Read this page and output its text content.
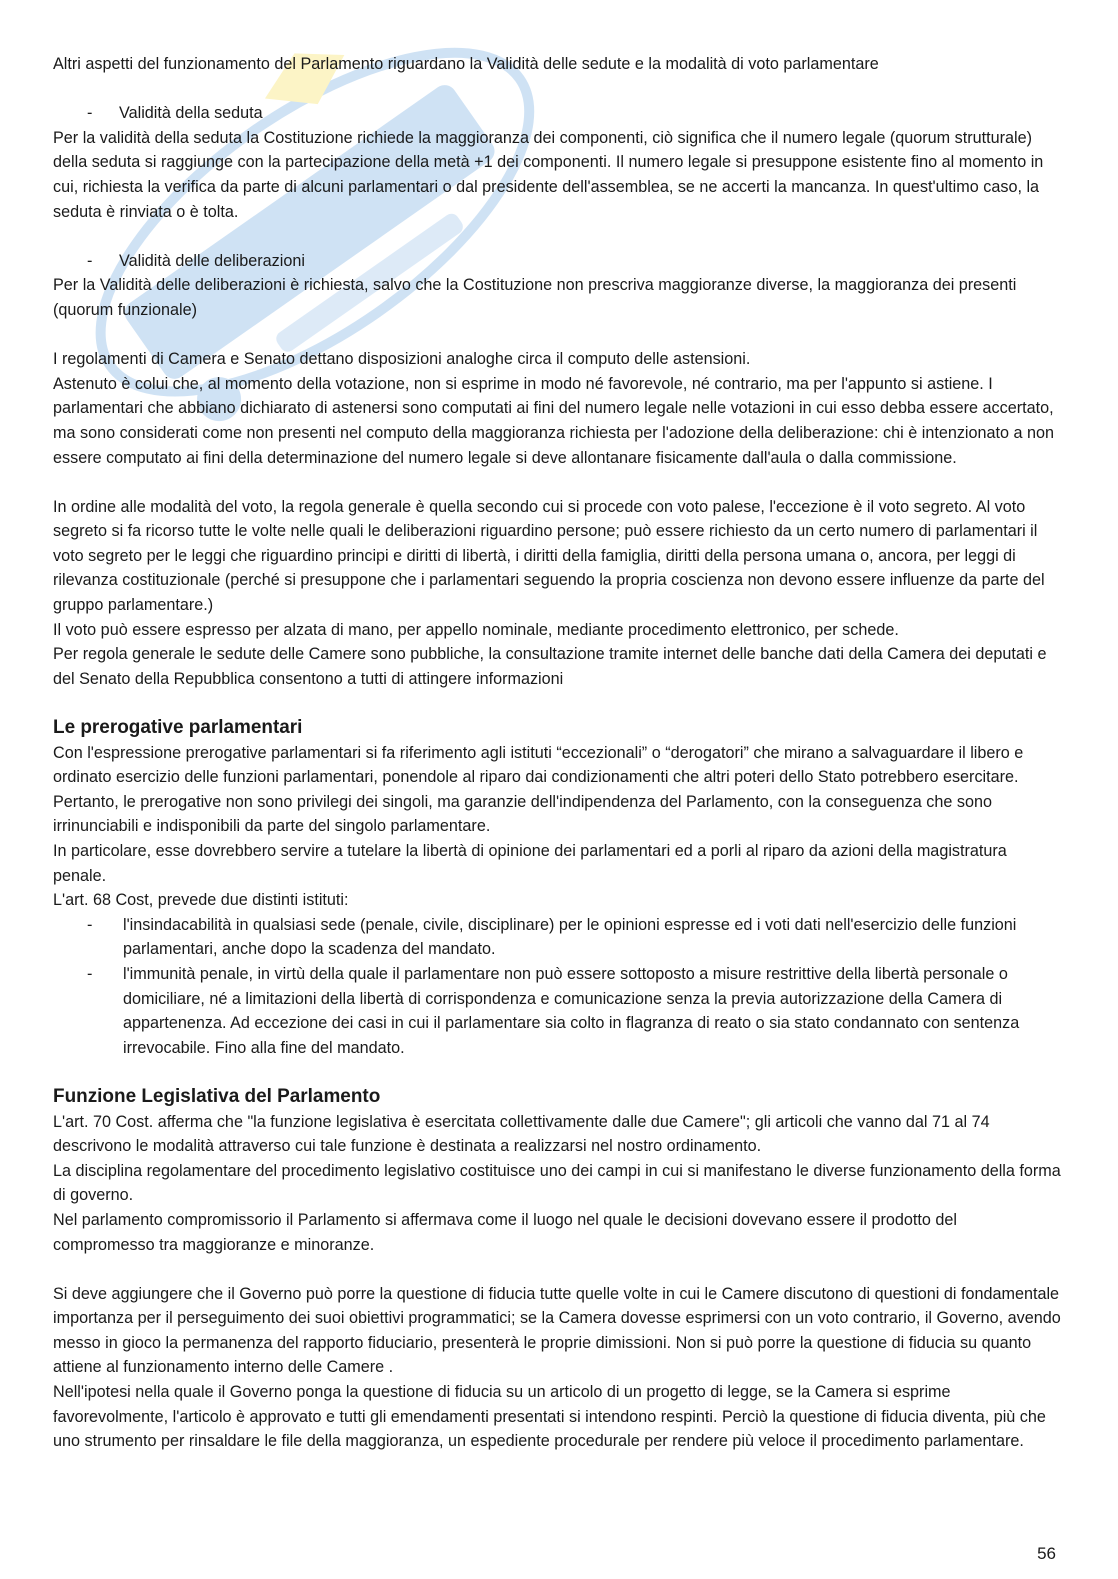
Altri aspetti del funzionamento del Parlamento riguardano la Validità delle sedute e la modalità di voto parlamentare

-	Validità della seduta

Per la validità della seduta la Costituzione richiede la maggioranza dei componenti, ciò significa che il numero legale (quorum strutturale) della seduta si raggiunge con la partecipazione della metà +1 dei componenti. Il numero legale si presuppone esistente fino al momento in cui, richiesta la verifica da parte di alcuni parlamentari o dal presidente dell'assemblea, se ne accerti la mancanza. In quest'ultimo caso, la seduta è rinviata o è tolta.

-	Validità delle deliberazioni

Per la Validità delle deliberazioni è richiesta, salvo che la Costituzione non prescriva maggioranze diverse, la maggioranza dei presenti (quorum funzionale)

I regolamenti di Camera e Senato dettano disposizioni analoghe circa il computo delle astensioni.

Astenuto è colui che, al momento della votazione, non si esprime in modo né favorevole, né contrario, ma per l'appunto si astiene. I parlamentari che abbiano dichiarato di astenersi sono computati ai fini del numero legale nelle votazioni in cui esso debba essere accertato, ma sono considerati come non presenti nel computo della maggioranza richiesta per l'adozione della deliberazione: chi è intenzionato a non essere computato ai fini della determinazione del numero legale si deve allontanare fisicamente dall'aula o dalla commissione.

In ordine alle modalità del voto, la regola generale è quella secondo cui si procede con voto palese, l'eccezione è il voto segreto. Al voto segreto si fa ricorso tutte le volte nelle quali le deliberazioni riguardino persone; può essere richiesto da un certo numero di parlamentari il voto segreto per le leggi che riguardino principi e diritti di libertà, i diritti della famiglia, diritti della persona umana o, ancora, per leggi di rilevanza costituzionale (perché si presuppone che i parlamentari seguendo la propria coscienza non devono essere influenze da parte del gruppo parlamentare.)

Il voto può essere espresso per alzata di mano, per appello nominale, mediante procedimento elettronico, per schede.

Per regola generale le sedute delle Camere sono pubbliche, la consultazione tramite internet delle banche dati della Camera dei deputati e del Senato della Repubblica consentono a tutti di attingere informazioni

Le prerogative parlamentari

Con l'espressione prerogative parlamentari si fa riferimento agli istituti “eccezionali” o “derogatori” che mirano a salvaguardare il libero e ordinato esercizio delle funzioni parlamentari, ponendole al riparo dai condizionamenti che altri poteri dello Stato potrebbero esercitare.

Pertanto, le prerogative non sono privilegi dei singoli, ma garanzie dell'indipendenza del Parlamento, con la conseguenza che sono irrinunciabili e indisponibili da parte del singolo parlamentare.

In particolare, esse dovrebbero servire a tutelare la libertà di opinione dei parlamentari ed a porli al riparo da azioni della magistratura penale.

L'art. 68 Cost, prevede due distinti istituti:

- l'insindacabilità in qualsiasi sede (penale, civile, disciplinare) per le opinioni espresse ed i voti dati nell'esercizio delle funzioni parlamentari, anche dopo la scadenza del mandato.
- l'immunità penale, in virtù della quale il parlamentare non può essere sottoposto a misure restrittive della libertà personale o domiciliare, né a limitazioni della libertà di corrispondenza e comunicazione senza la previa autorizzazione della Camera di appartenenza. Ad eccezione dei casi in cui il parlamentare sia colto in flagranza di reato o sia stato condannato con sentenza irrevocabile. Fino alla fine del mandato.
Funzione Legislativa del Parlamento

L'art. 70 Cost. afferma che "la funzione legislativa è esercitata collettivamente dalle due Camere"; gli articoli che vanno dal 71 al 74 descrivono le modalità attraverso cui tale funzione è destinata a realizzarsi nel nostro ordinamento.

La disciplina regolamentare del procedimento legislativo costituisce uno dei campi in cui si manifestano le diverse funzionamento della forma di governo.

Nel parlamento compromissorio il Parlamento si affermava come il luogo nel quale le decisioni dovevano essere il prodotto del compromesso tra maggioranze e minoranze.

Si deve aggiungere che il Governo può porre la questione di fiducia tutte quelle volte in cui le Camere discutono di questioni di fondamentale importanza per il perseguimento dei suoi obiettivi programmatici; se la Camera dovesse esprimersi con un voto contrario, il Governo, avendo messo in gioco la permanenza del rapporto fiduciario, presenterà le proprie dimissioni. Non si può porre la questione di fiducia su quanto attiene al funzionamento interno delle Camere .

Nell'ipotesi nella quale il Governo ponga la questione di fiducia su un articolo di un progetto di legge, se la Camera si esprime favorevolmente, l'articolo è approvato e tutti gli emendamenti presentati si intendono respinti. Perciò la questione di fiducia diventa, più che uno strumento per rinsaldare le file della maggioranza, un espediente procedurale per rendere più veloce il procedimento parlamentare.

56
